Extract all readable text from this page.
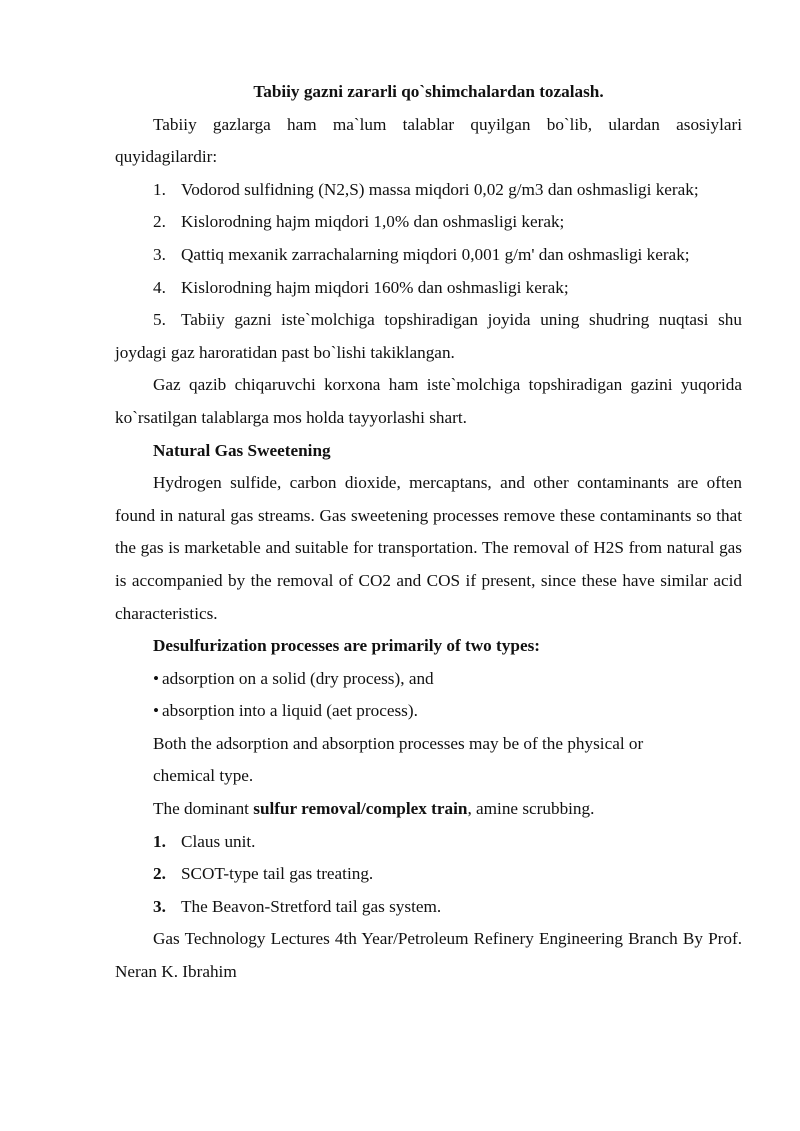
Tabiiy gazni zararli qo`shimchalardan tozalash.

Tabiiy gazlarga ham ma`lum talablar quyilgan bo`lib, ulardan asosiylari quyidagilardir:

1. Vodorod sulfidning (N2,S) massa miqdori 0,02 g/m3 dan oshmasligi kerak;

2. Kislorodning hajm miqdori 1,0% dan oshmasligi kerak;

3. Qattiq mexanik zarrachalarning miqdori 0,001 g/m' dan oshmasligi kerak;

4. Kislorodning hajm miqdori 160% dan oshmasligi kerak;

5. Tabiiy gazni iste`molchiga topshiradigan joyida uning shudring nuqtasi shu joydagi gaz haroratidan past bo`lishi takiklangan.

Gaz qazib chiqaruvchi korxona ham iste`molchiga topshiradigan gazini yuqorida ko`rsatilgan talablarga mos holda tayyorlashi shart.

Natural Gas Sweetening

Hydrogen sulfide, carbon dioxide, mercaptans, and other contaminants are often found in natural gas streams. Gas sweetening processes remove these contaminants so that the gas is marketable and suitable for transportation. The removal of H2S from natural gas is accompanied by the removal of CO2 and COS if present, since these have similar acid characteristics.

Desulfurization processes are primarily of two types:

• adsorption on a solid (dry process), and

• absorption into a liquid (aet process).

Both the adsorption and absorption processes may be of the physical or

chemical type.

The dominant sulfur removal/complex train, amine scrubbing.

1. Claus unit.

2. SCOT-type tail gas treating.

3. The Beavon-Stretford tail gas system.

Gas Technology Lectures 4th Year/Petroleum Refinery Engineering Branch By Prof. Neran K. Ibrahim
